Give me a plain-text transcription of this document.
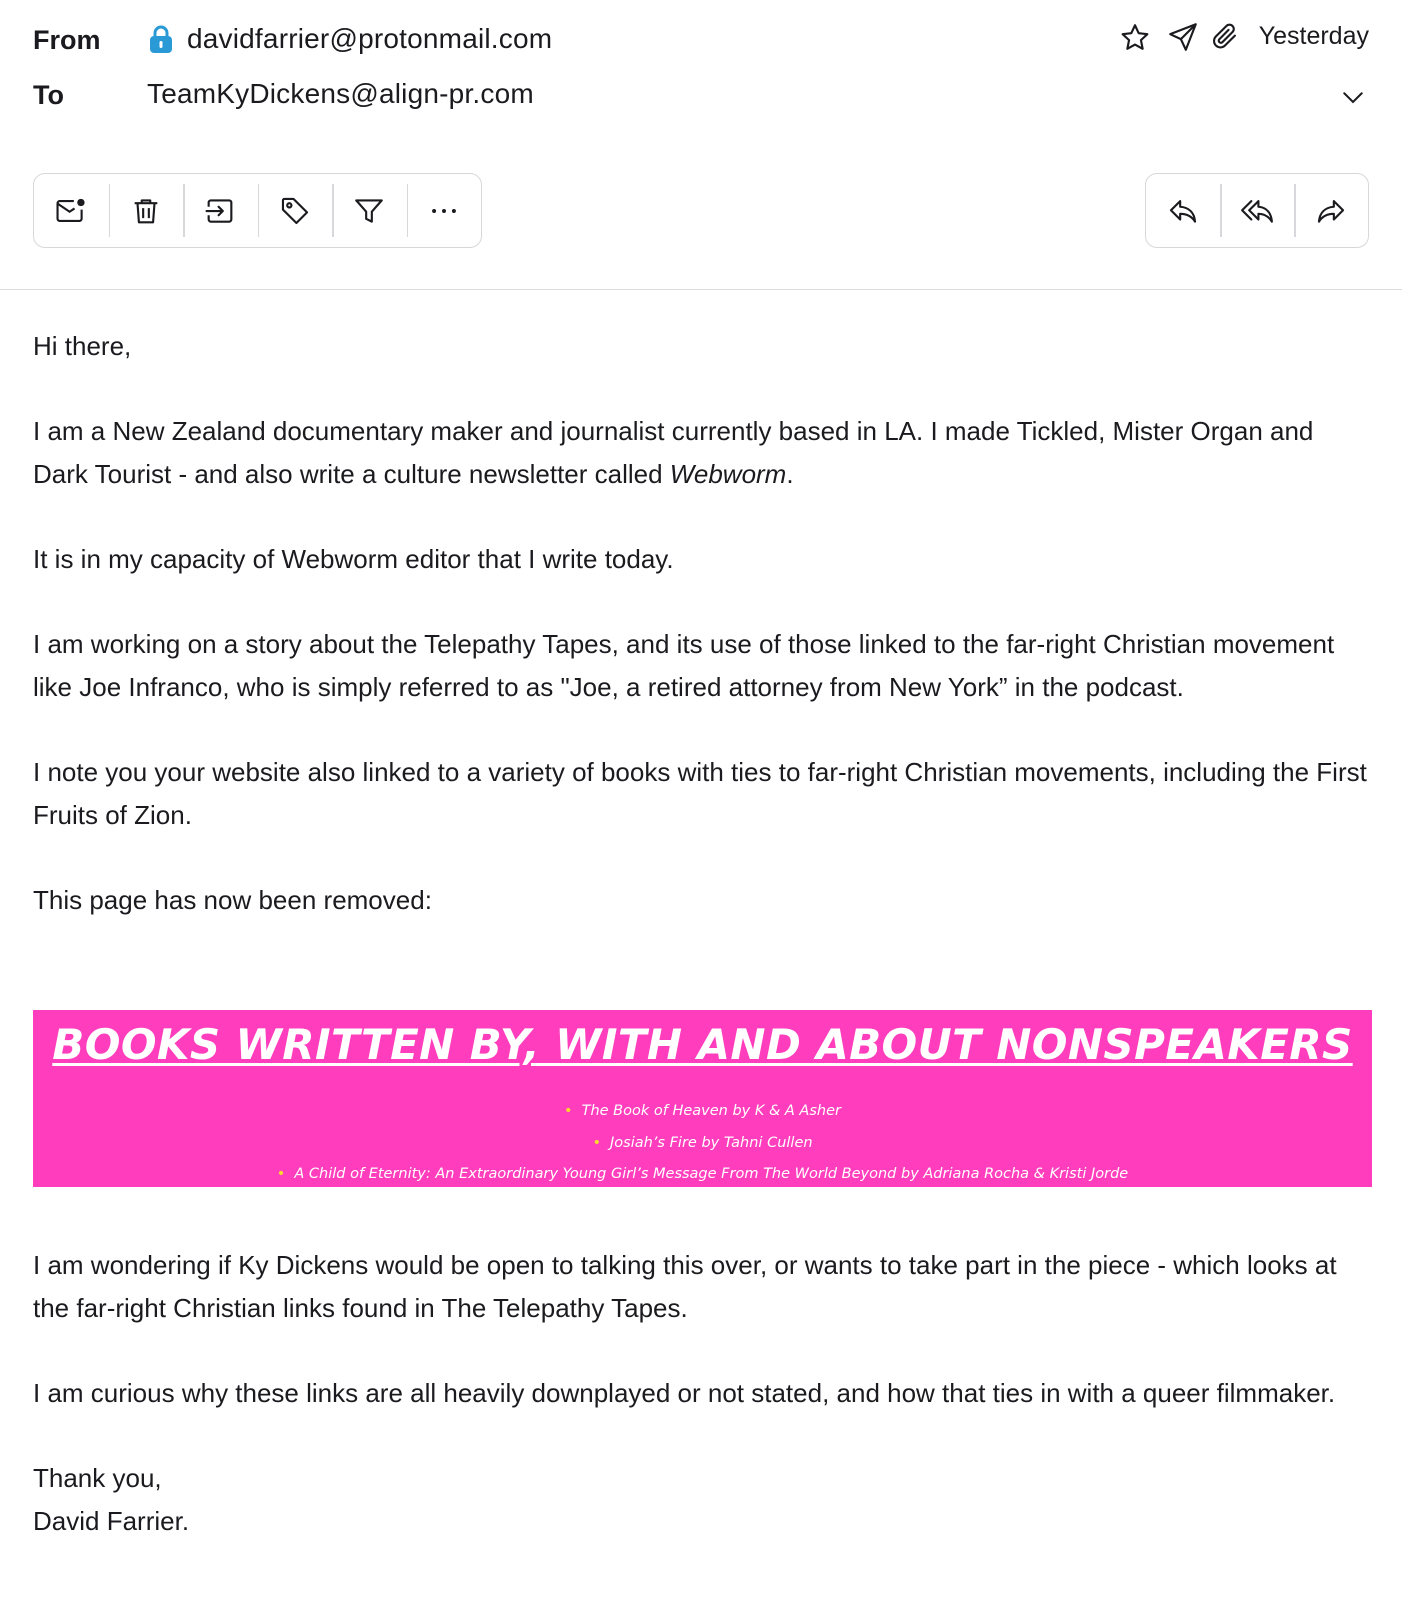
From	davidfarrier@protonmail.com
To	TeamKyDickens@align-pr.com
Yesterday

Hi there,

I am a New Zealand documentary maker and journalist currently based in LA. I made Tickled, Mister Organ and Dark Tourist - and also write a culture newsletter called Webworm.

It is in my capacity of Webworm editor that I write today.

I am working on a story about the Telepathy Tapes, and its use of those linked to the far-right Christian movement like Joe Infranco, who is simply referred to as "Joe, a retired attorney from New York” in the podcast.

I note you your website also linked to a variety of books with ties to far-right Christian movements, including the First Fruits of Zion.

This page has now been removed:

BOOKS WRITTEN BY, WITH AND ABOUT NONSPEAKERS
• The Book of Heaven by K & A Asher
• Josiah’s Fire by Tahni Cullen
• A Child of Eternity: An Extraordinary Young Girl’s Message From The World Beyond by Adriana Rocha & Kristi Jorde

I am wondering if Ky Dickens would be open to talking this over, or wants to take part in the piece - which looks at the far-right Christian links found in The Telepathy Tapes.

I am curious why these links are all heavily downplayed or not stated, and how that ties in with a queer filmmaker.

Thank you,
David Farrier.
